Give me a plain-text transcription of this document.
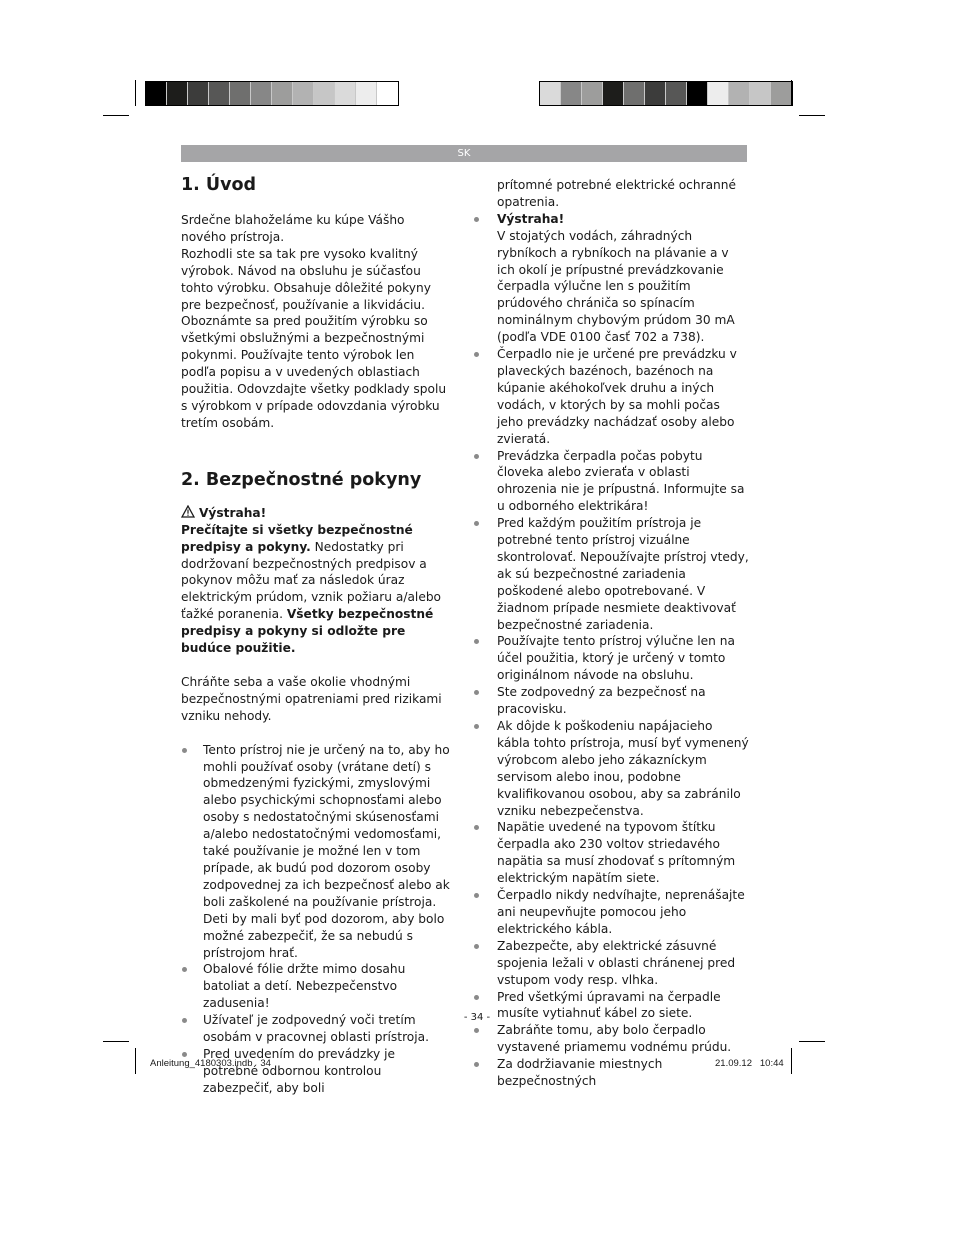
SK
1. Úvod

Srdečne blahoželáme ku kúpe Vášho nového prístroja.

Rozhodli ste sa tak pre vysoko kvalitný výrobok. Návod na obsluhu je súčasťou tohto výrobku. Obsahuje dôležité pokyny pre bezpečnosť, používanie a likvidáciu. Oboznámte sa pred použitím výrobku so všetkými obslužnými a bezpečnostnými pokynmi. Používajte tento výrobok len podľa popisu a v uvedených oblastiach použitia. Odovzdajte všetky podklady spolu s výrobkom v prípade odovzdania výrobku tretím osobám.

2. Bezpečnostné pokyny

Výstraha!

Prečítajte si všetky bezpečnostné predpisy a pokyny. Nedostatky pri dodržovaní bezpečnostných predpisov a pokynov môžu mať za následok úraz elektrickým prúdom, vznik požiaru a/alebo ťažké poranenia. Všetky bezpečnostné predpisy a pokyny si odložte pre budúce použitie.

Chráňte seba a vaše okolie vhodnými bezpečnostnými opatreniami pred rizikami vzniku nehody.

Tento prístroj nie je určený na to, aby ho mohli používať osoby (vrátane detí) s obmedzenými fyzickými, zmyslovými alebo psychickými schopnosťami alebo osoby s nedostatočnými skúsenosťami a/alebo nedostatočnými vedomosťami, také používanie je možné len v tom prípade, ak budú pod dozorom osoby zodpovednej za ich bezpečnosť alebo ak boli zaškolené na používanie prístroja. Deti by mali byť pod dozorom, aby bolo možné zabezpečiť, že sa nebudú s prístrojom hrať.
Obalové fólie držte mimo dosahu batoliat a detí. Nebezpečenstvo zadusenia!
Užívateľ je zodpovedný voči tretím osobám v pracovnej oblasti prístroja.
Pred uvedením do prevádzky je potrebné odbornou kontrolou zabezpečiť, aby boli

prítomné potrebné elektrické ochranné opatrenia.

Výstraha!
V stojatých vodách, záhradných rybníkoch a rybníkoch na plávanie a v ich okolí je prípustné prevádzkovanie čerpadla výlučne len s použitím prúdového chrániča so spínacím nominálnym chybovým prúdom 30 mA (podľa VDE 0100 časť 702 a 738).
Čerpadlo nie je určené pre prevádzku v plaveckých bazénoch, bazénoch na kúpanie akéhokoľvek druhu a iných vodách, v ktorých by sa mohli počas jeho prevádzky nachádzať osoby alebo zvieratá.
Prevádzka čerpadla počas pobytu človeka alebo zvieraťa v oblasti ohrozenia nie je prípustná. Informujte sa u odborného elektrikára!
Pred každým použitím prístroja je potrebné tento prístroj vizuálne skontrolovať. Nepoužívajte prístroj vtedy, ak sú bezpečnostné zariadenia poškodené alebo opotrebované. V žiadnom prípade nesmiete deaktivovať bezpečnostné zariadenia.
Používajte tento prístroj výlučne len na účel použitia, ktorý je určený v tomto originálnom návode na obsluhu.
Ste zodpovedný za bezpečnosť na pracovisku.
Ak dôjde k poškodeniu napájacieho kábla tohto prístroja, musí byť vymenený výrobcom alebo jeho zákazníckym servisom alebo inou, podobne kvalifikovanou osobou, aby sa zabránilo vzniku nebezpečenstva.
Napätie uvedené na typovom štítku čerpadla ako 230 voltov striedavého napätia sa musí zhodovať s prítomným elektrickým napätím siete.
Čerpadlo nikdy nedvíhajte, neprenášajte ani neupevňujte pomocou jeho elektrického kábla.
Zabezpečte, aby elektrické zásuvné spojenia ležali v oblasti chránenej pred vstupom vody resp. vlhka.
Pred všetkými úpravami na čerpadle musíte vytiahnuť kábel zo siete.
Zabráňte tomu, aby bolo čerpadlo vystavené priamemu vodnému prúdu.
Za dodržiavanie miestnych bezpečnostných
- 34 -
Anleitung_4180303.indb   34	21.09.12   10:44
